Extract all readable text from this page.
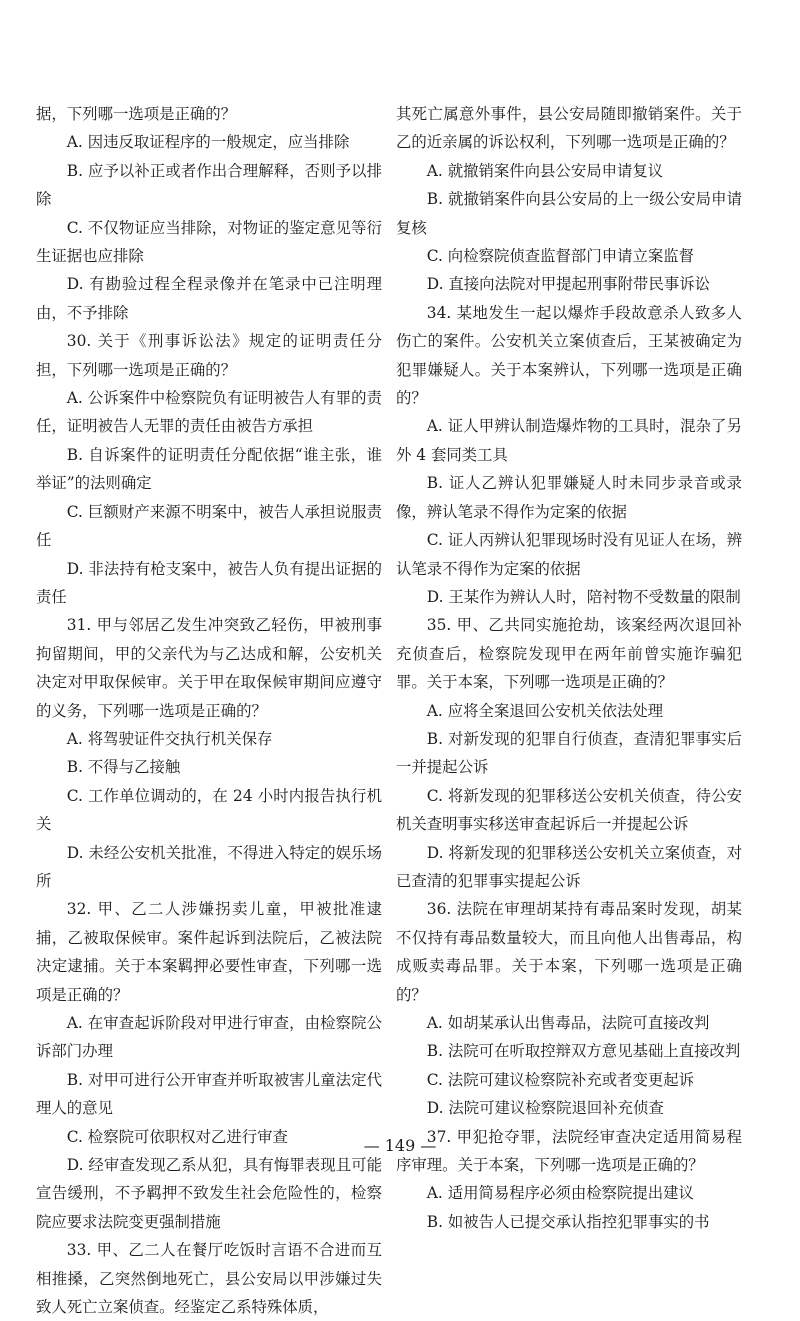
据，下列哪一选项是正确的？

A. 因违反取证程序的一般规定，应当排除

B. 应予以补正或者作出合理解释，否则予以排除

C. 不仅物证应当排除，对物证的鉴定意见等衍生证据也应排除

D. 有勘验过程全程录像并在笔录中已注明理由，不予排除

30. 关于《刑事诉讼法》规定的证明责任分担，下列哪一选项是正确的？

A. 公诉案件中检察院负有证明被告人有罪的责任，证明被告人无罪的责任由被告方承担

B. 自诉案件的证明责任分配依据“谁主张，谁举证”的法则确定

C. 巨额财产来源不明案中，被告人承担说服责任

D. 非法持有枪支案中，被告人负有提出证据的责任

31. 甲与邻居乙发生冲突致乙轻伤，甲被刑事拘留期间，甲的父亲代为与乙达成和解，公安机关决定对甲取保候审。关于甲在取保候审期间应遵守的义务，下列哪一选项是正确的？

A. 将驾驶证件交执行机关保存

B. 不得与乙接触

C. 工作单位调动的，在 24 小时内报告执行机关

D. 未经公安机关批准，不得进入特定的娱乐场所

32. 甲、乙二人涉嫌拐卖儿童，甲被批准逮捕，乙被取保候审。案件起诉到法院后，乙被法院决定逮捕。关于本案羁押必要性审查，下列哪一选项是正确的？

A. 在审查起诉阶段对甲进行审查，由检察院公诉部门办理

B. 对甲可进行公开审查并听取被害儿童法定代理人的意见

C. 检察院可依职权对乙进行审查

D. 经审查发现乙系从犯，具有悔罪表现且可能宣告缓刑，不予羁押不致发生社会危险性的，检察院应要求法院变更强制措施

33. 甲、乙二人在餐厅吃饭时言语不合进而互相推搡，乙突然倒地死亡，县公安局以甲涉嫌过失致人死亡立案侦查。经鉴定乙系特殊体质，

其死亡属意外事件，县公安局随即撤销案件。关于乙的近亲属的诉讼权利，下列哪一选项是正确的？

A. 就撤销案件向县公安局申请复议

B. 就撤销案件向县公安局的上一级公安局申请复核

C. 向检察院侦查监督部门申请立案监督

D. 直接向法院对甲提起刑事附带民事诉讼

34. 某地发生一起以爆炸手段故意杀人致多人伤亡的案件。公安机关立案侦查后，王某被确定为犯罪嫌疑人。关于本案辨认，下列哪一选项是正确的？

A. 证人甲辨认制造爆炸物的工具时，混杂了另外 4 套同类工具

B. 证人乙辨认犯罪嫌疑人时未同步录音或录像，辨认笔录不得作为定案的依据

C. 证人丙辨认犯罪现场时没有见证人在场，辨认笔录不得作为定案的依据

D. 王某作为辨认人时，陪衬物不受数量的限制

35. 甲、乙共同实施抢劫，该案经两次退回补充侦查后，检察院发现甲在两年前曾实施诈骗犯罪。关于本案，下列哪一选项是正确的？

A. 应将全案退回公安机关依法处理

B. 对新发现的犯罪自行侦查，查清犯罪事实后一并提起公诉

C. 将新发现的犯罪移送公安机关侦查，待公安机关查明事实移送审查起诉后一并提起公诉

D. 将新发现的犯罪移送公安机关立案侦查，对已查清的犯罪事实提起公诉

36. 法院在审理胡某持有毒品案时发现，胡某不仅持有毒品数量较大，而且向他人出售毒品，构成贩卖毒品罪。关于本案，下列哪一选项是正确的？

A. 如胡某承认出售毒品，法院可直接改判

B. 法院可在听取控辩双方意见基础上直接改判

C. 法院可建议检察院补充或者变更起诉

D. 法院可建议检察院退回补充侦查

37. 甲犯抢夺罪，法院经审查决定适用简易程序审理。关于本案，下列哪一选项是正确的？

A. 适用简易程序必须由检察院提出建议

B. 如被告人已提交承认指控犯罪事实的书

— 149 —
